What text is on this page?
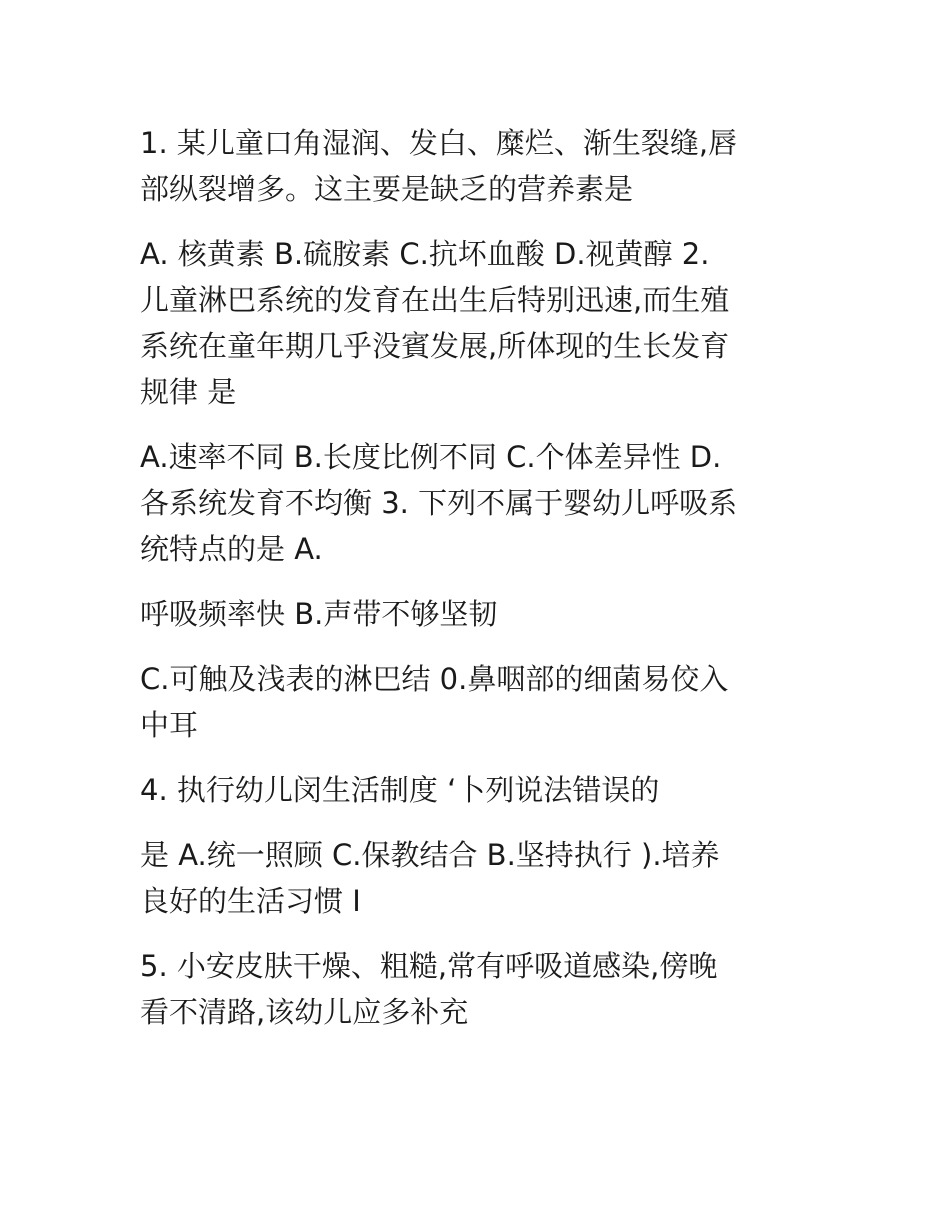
1. 某儿童口角湿润、发白、糜烂、渐生裂缝,唇
部纵裂增多。这主要是缺乏的营养素是

A. 核黄素 B.硫胺素 C.抗坏血酸 D.视黄醇 2.
儿童淋巴系统的发育在出生后特别迅速,而生殖
系统在童年期几乎没賓发展,所体现的生长发育
规律 是

A.速率不同 B.长度比例不同 C.个体差异性 D.
各系统发育不均衡 3. 下列不属于婴幼儿呼吸系
统特点的是 A.

呼吸频率快 B.声带不够坚韧

C.可触及浅表的淋巴结 0.鼻咽部的细菌易佼入
中耳

4. 执行幼儿闵生活制度 ‘卜列说法错误的

是 A.统一照顾 C.保教结合 B.坚持执行 ).培养
良好的生活习惯 I

5. 小安皮肤干燥、粗糙,常有呼吸道感染,傍晚
看不清路,该幼儿应多补充
